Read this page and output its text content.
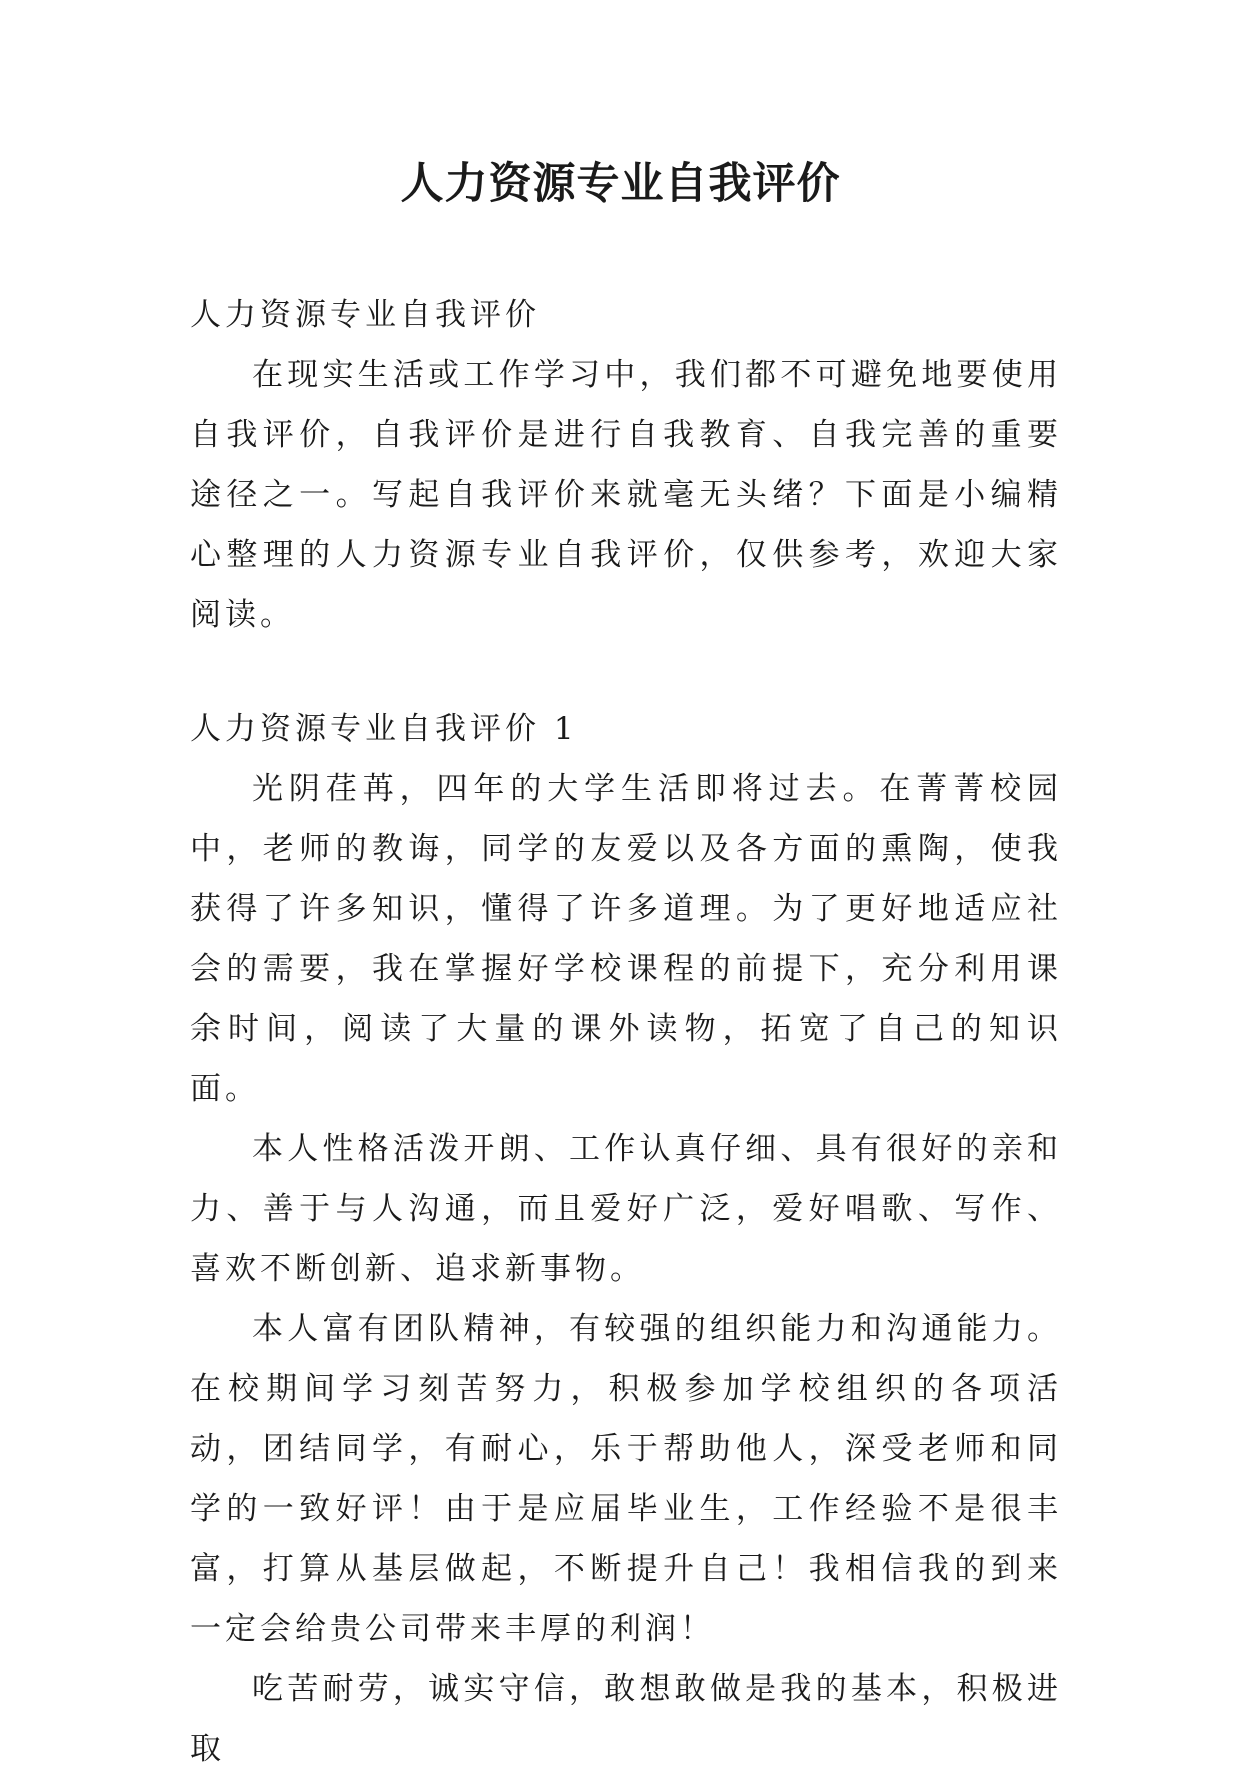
人力资源专业自我评价

人力资源专业自我评价

在现实生活或工作学习中，我们都不可避免地要使用自我评价，自我评价是进行自我教育、自我完善的重要途径之一。写起自我评价来就毫无头绪？下面是小编精心整理的人力资源专业自我评价，仅供参考，欢迎大家阅读。

人力资源专业自我评价 1

光阴荏苒，四年的大学生活即将过去。在菁菁校园中，老师的教诲，同学的友爱以及各方面的熏陶，使我获得了许多知识，懂得了许多道理。为了更好地适应社会的需要，我在掌握好学校课程的前提下，充分利用课余时间，阅读了大量的课外读物，拓宽了自己的知识面。

本人性格活泼开朗、工作认真仔细、具有很好的亲和力、善于与人沟通，而且爱好广泛，爱好唱歌、写作、喜欢不断创新、追求新事物。

本人富有团队精神，有较强的组织能力和沟通能力。在校期间学习刻苦努力，积极参加学校组织的各项活动，团结同学，有耐心，乐于帮助他人，深受老师和同学的一致好评！由于是应届毕业生，工作经验不是很丰富，打算从基层做起，不断提升自己！我相信我的到来一定会给贵公司带来丰厚的利润！

吃苦耐劳，诚实守信，敢想敢做是我的基本，积极进取
